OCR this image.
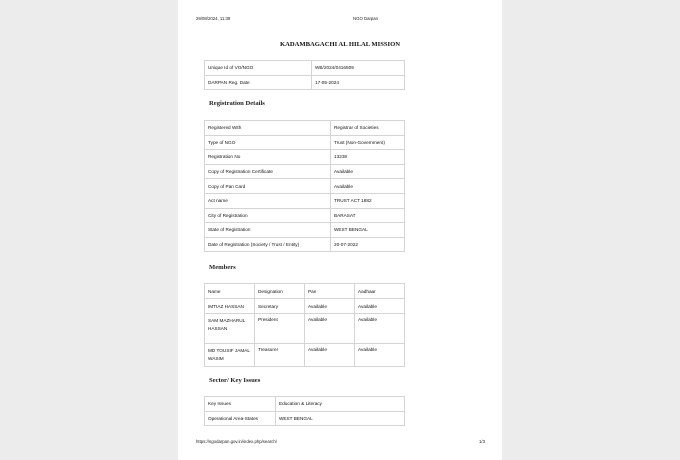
29/08/2024, 11:39	NGO Darpan
KADAMBAGACHI AL HILAL MISSION
Unique Id of VO/NGO	WB/2024/0416509
DARPAN Reg. Date	17-05-2024
Registration Details
Registered With	Registrar of Societies
Type of NGO	Trust (Non-Government)
Registration No	13238
Copy of Registration Certificate	Available
Copy of Pan Card	Available
Act name	TRUST ACT 1882
City of Registration	BARASAT
State of Registration	WEST BENGAL
Date of Registration (Society / Trust / Entity)	20-07-2022
Members
Name	Designation	Pan	Aadhaar
IMTIAZ HASSAN	Secretary	Available	Available
SAM MAZHARUL HASSAN	President	Available	Available
MD TOUSIF JAMAL WASIM	Treasurer	Available	Available
Sector/ Key Issues
Key Issues	Education & Literacy
Operational Area-States	WEST BENGAL
https://ngodarpan.gov.in/index.php/search/	1/3
